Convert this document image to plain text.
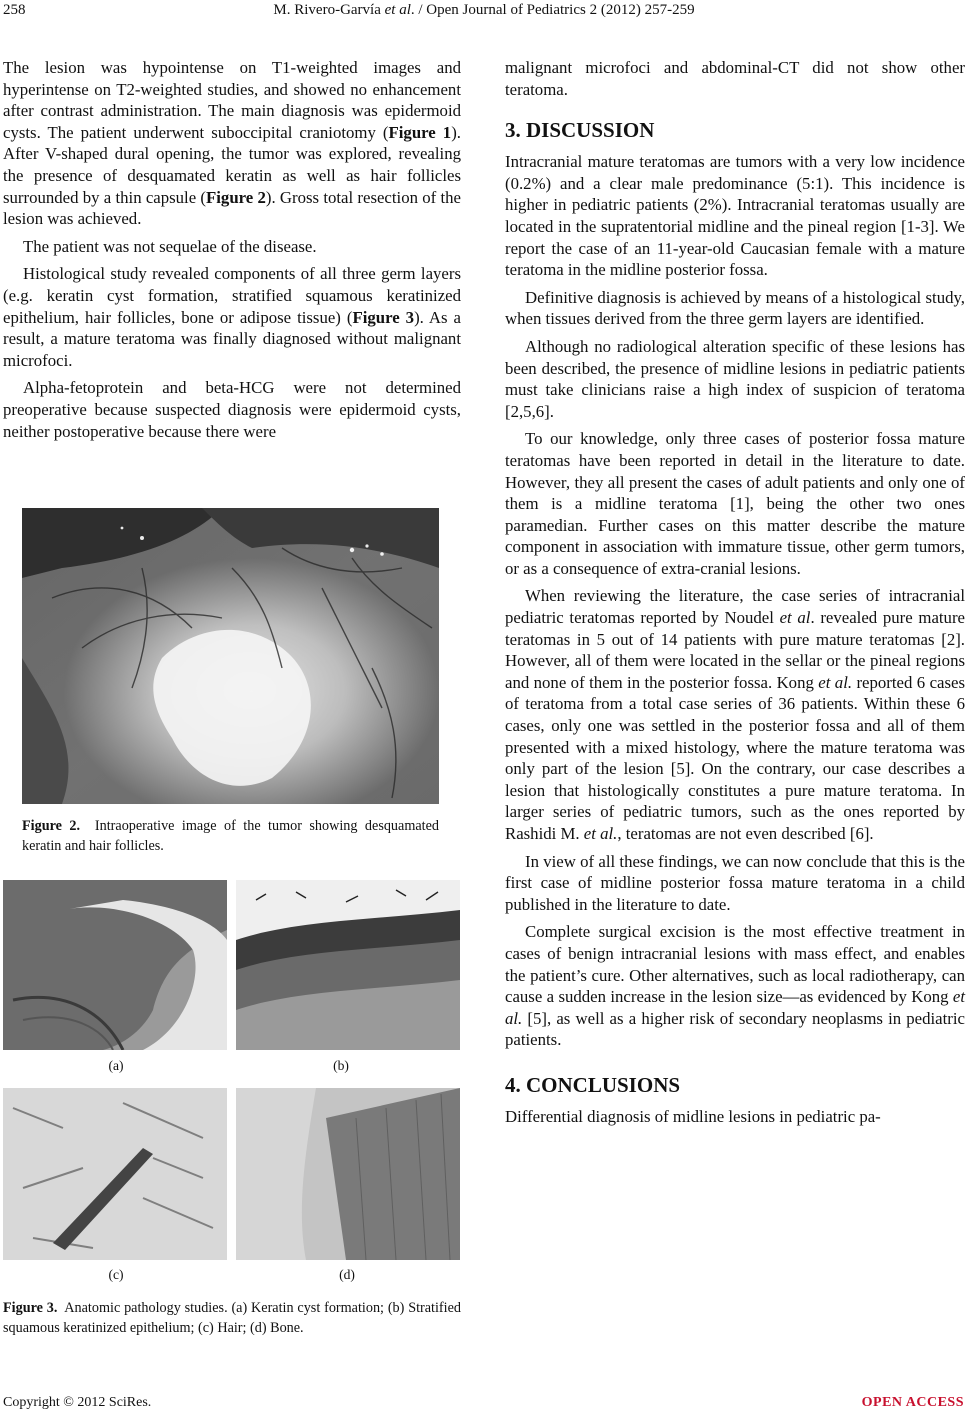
258	M. Rivero-Garvía et al. / Open Journal of Pediatrics 2 (2012) 257-259

The lesion was hypointense on T1-weighted images and hyperintense on T2-weighted studies, and showed no enhancement after contrast administration. The main diagnosis was epidermoid cysts. The patient underwent suboccipital craniotomy (Figure 1). After V-shaped dural opening, the tumor was explored, revealing the presence of desquamated keratin as well as hair follicles surrounded by a thin capsule (Figure 2). Gross total resection of the lesion was achieved.

The patient was not sequelae of the disease.

Histological study revealed components of all three germ layers (e.g. keratin cyst formation, stratified squamous keratinized epithelium, hair follicles, bone or adipose tissue) (Figure 3). As a result, a mature teratoma was finally diagnosed without malignant microfoci.

Alpha-fetoprotein and beta-HCG were not determined preoperative because suspected diagnosis were epidermoid cysts, neither postoperative because there were

Figure 2. Intraoperative image of the tumor showing desquamated keratin and hair follicles.
(a)	(b)
(c)	(d)
Figure 3. Anatomic pathology studies. (a) Keratin cyst formation; (b) Stratified squamous keratinized epithelium; (c) Hair; (d) Bone.

malignant microfoci and abdominal-CT did not show other teratoma.

3. DISCUSSION

Intracranial mature teratomas are tumors with a very low incidence (0.2%) and a clear male predominance (5:1). This incidence is higher in pediatric patients (2%). Intracranial teratomas usually are located in the supratentorial midline and the pineal region [1-3]. We report the case of an 11-year-old Caucasian female with a mature teratoma in the midline posterior fossa.

Definitive diagnosis is achieved by means of a histological study, when tissues derived from the three germ layers are identified.

Although no radiological alteration specific of these lesions has been described, the presence of midline lesions in pediatric patients must take clinicians raise a high index of suspicion of teratoma [2,5,6].

To our knowledge, only three cases of posterior fossa mature teratomas have been reported in detail in the literature to date. However, they all present the cases of adult patients and only one of them is a midline teratoma [1], being the other two ones paramedian. Further cases on this matter describe the mature component in association with immature tissue, other germ tumors, or as a consequence of extra-cranial lesions.

When reviewing the literature, the case series of intracranial pediatric teratomas reported by Noudel et al. revealed pure mature teratomas in 5 out of 14 patients with pure mature teratomas [2]. However, all of them were located in the sellar or the pineal regions and none of them in the posterior fossa. Kong et al. reported 6 cases of teratoma from a total case series of 36 patients. Within these 6 cases, only one was settled in the posterior fossa and all of them presented with a mixed histology, where the mature teratoma was only part of the lesion [5]. On the contrary, our case describes a lesion that histologically constitutes a pure mature teratoma. In larger series of pediatric tumors, such as the ones reported by Rashidi M. et al., teratomas are not even described [6].

In view of all these findings, we can now conclude that this is the first case of midline posterior fossa mature teratoma in a child published in the literature to date.

Complete surgical excision is the most effective treatment in cases of benign intracranial lesions with mass effect, and enables the patient’s cure. Other alternatives, such as local radiotherapy, can cause a sudden increase in the lesion size—as evidenced by Kong et al. [5], as well as a higher risk of secondary neoplasms in pediatric patients.

4. CONCLUSIONS

Differential diagnosis of midline lesions in pediatric pa-

Copyright © 2012 SciRes.	OPEN ACCESS
